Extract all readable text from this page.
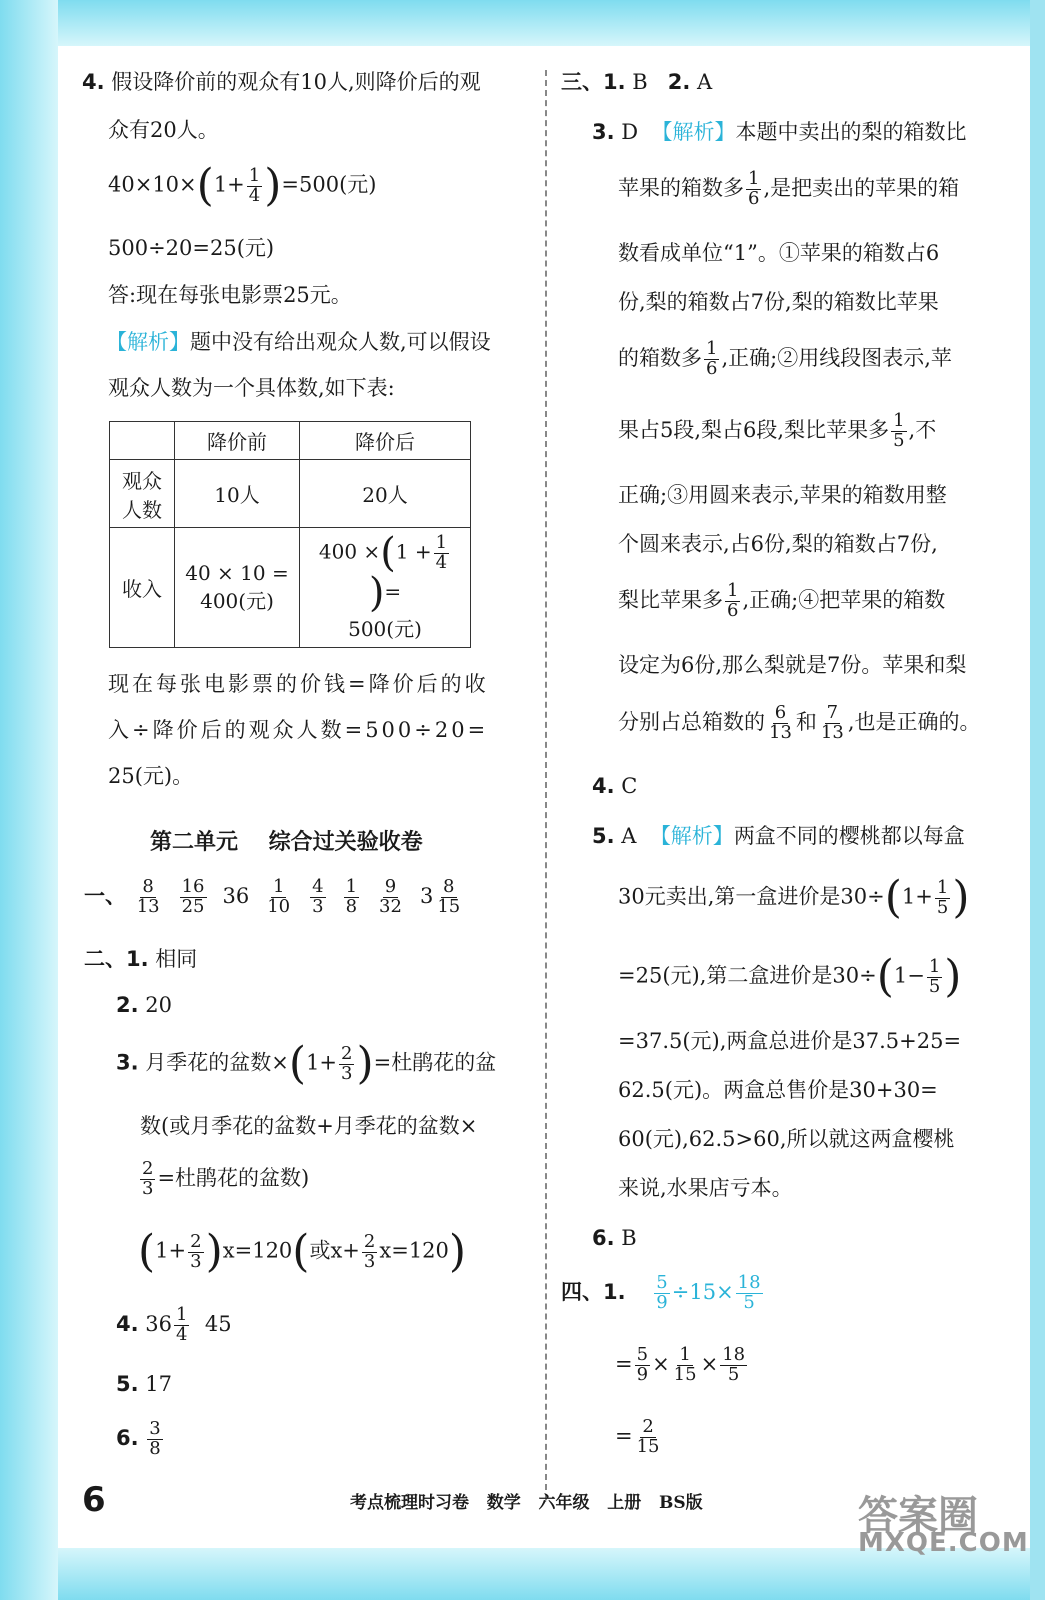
4. 假设降价前的观众有10人,则降价后的观
众有20人。
$40\times 10\times(1+ \frac{1}{4} )=500$(元)
500÷20=25(元)
答:现在每张电影票25元。
【解析】题中没有给出观众人数,可以假设
观众人数为一个具体数,如下表:
	降价前	降价后
观众
人数	10人	20人
收入	40 × 10 =
400(元)	$400 \times(1 + \frac{1}{4}$
)=
500(元)
现在每张电影票的价钱=降价后的收
入÷降价后的观众人数=500÷20=
25(元)。
第二单元    综合过关验收卷
一、 $\frac{8}{13} \frac{16}{25} 36 \frac{1}{10} \frac{4}{3} \frac{1}{8} \frac{9}{32} 3 \frac{8}{15}$
二、1. 相同
2. 20
3. 月季花的盆数$\times(1+ \frac{2}{3}$ )=杜鹃花的盆
数(或月季花的盆数+月季花的盆数×
$\frac{2}{3}$ =杜鹃花的盆数)
$(1+ \frac{2}{3} )x=120$(或$x+ \frac{2}{3} x=120$)
4. $36 \frac{1}{4} 45$
5. 17
6. $\frac{3}{8}$
三、1. B 2. A
3. D 【解析】本题中卖出的梨的箱数比
苹果的箱数多 $\frac{1}{6}$ ,是把卖出的苹果的箱
数看成单位“1”。①苹果的箱数占6
份,梨的箱数占7份,梨的箱数比苹果
的箱数多 $\frac{1}{6}$ ,正确;②用线段图表示,苹
果占5段,梨占6段,梨比苹果多 $\frac{1}{5}$ ,不
正确;③用圆来表示,苹果的箱数用整
个圆来表示,占6份,梨的箱数占7份,
梨比苹果多 $\frac{1}{6}$ ,正确;④把苹果的箱数
设定为6份,那么梨就是7份。苹果和梨
分别占总箱数的 $\frac{6}{13}$ 和 $\frac{7}{13}$ ,也是正确的。
4. C
5. A 【解析】两盒不同的樱桃都以每盒
30元卖出,第一盒进价是$30\div(1+ \frac{1}{5}$ )
=25(元),第二盒进价是$30\div(1- \frac{1}{5}$ )
=37.5(元),两盒总进价是37.5+25=
62.5(元)。两盒总售价是30+30=
60(元),62.5>60,所以就这两盒樱桃
来说,水果店亏本。
6. B
四、1. $\frac{5}{9} \div 15\times \frac{18}{5}$
= $\frac{5}{9} \times \frac{1}{15} \times \frac{18}{5}$
= $\frac{2}{15}$
6	考点梳理时习卷   数学   六年级   上册   BS版	答案圈
MXQE.COM
